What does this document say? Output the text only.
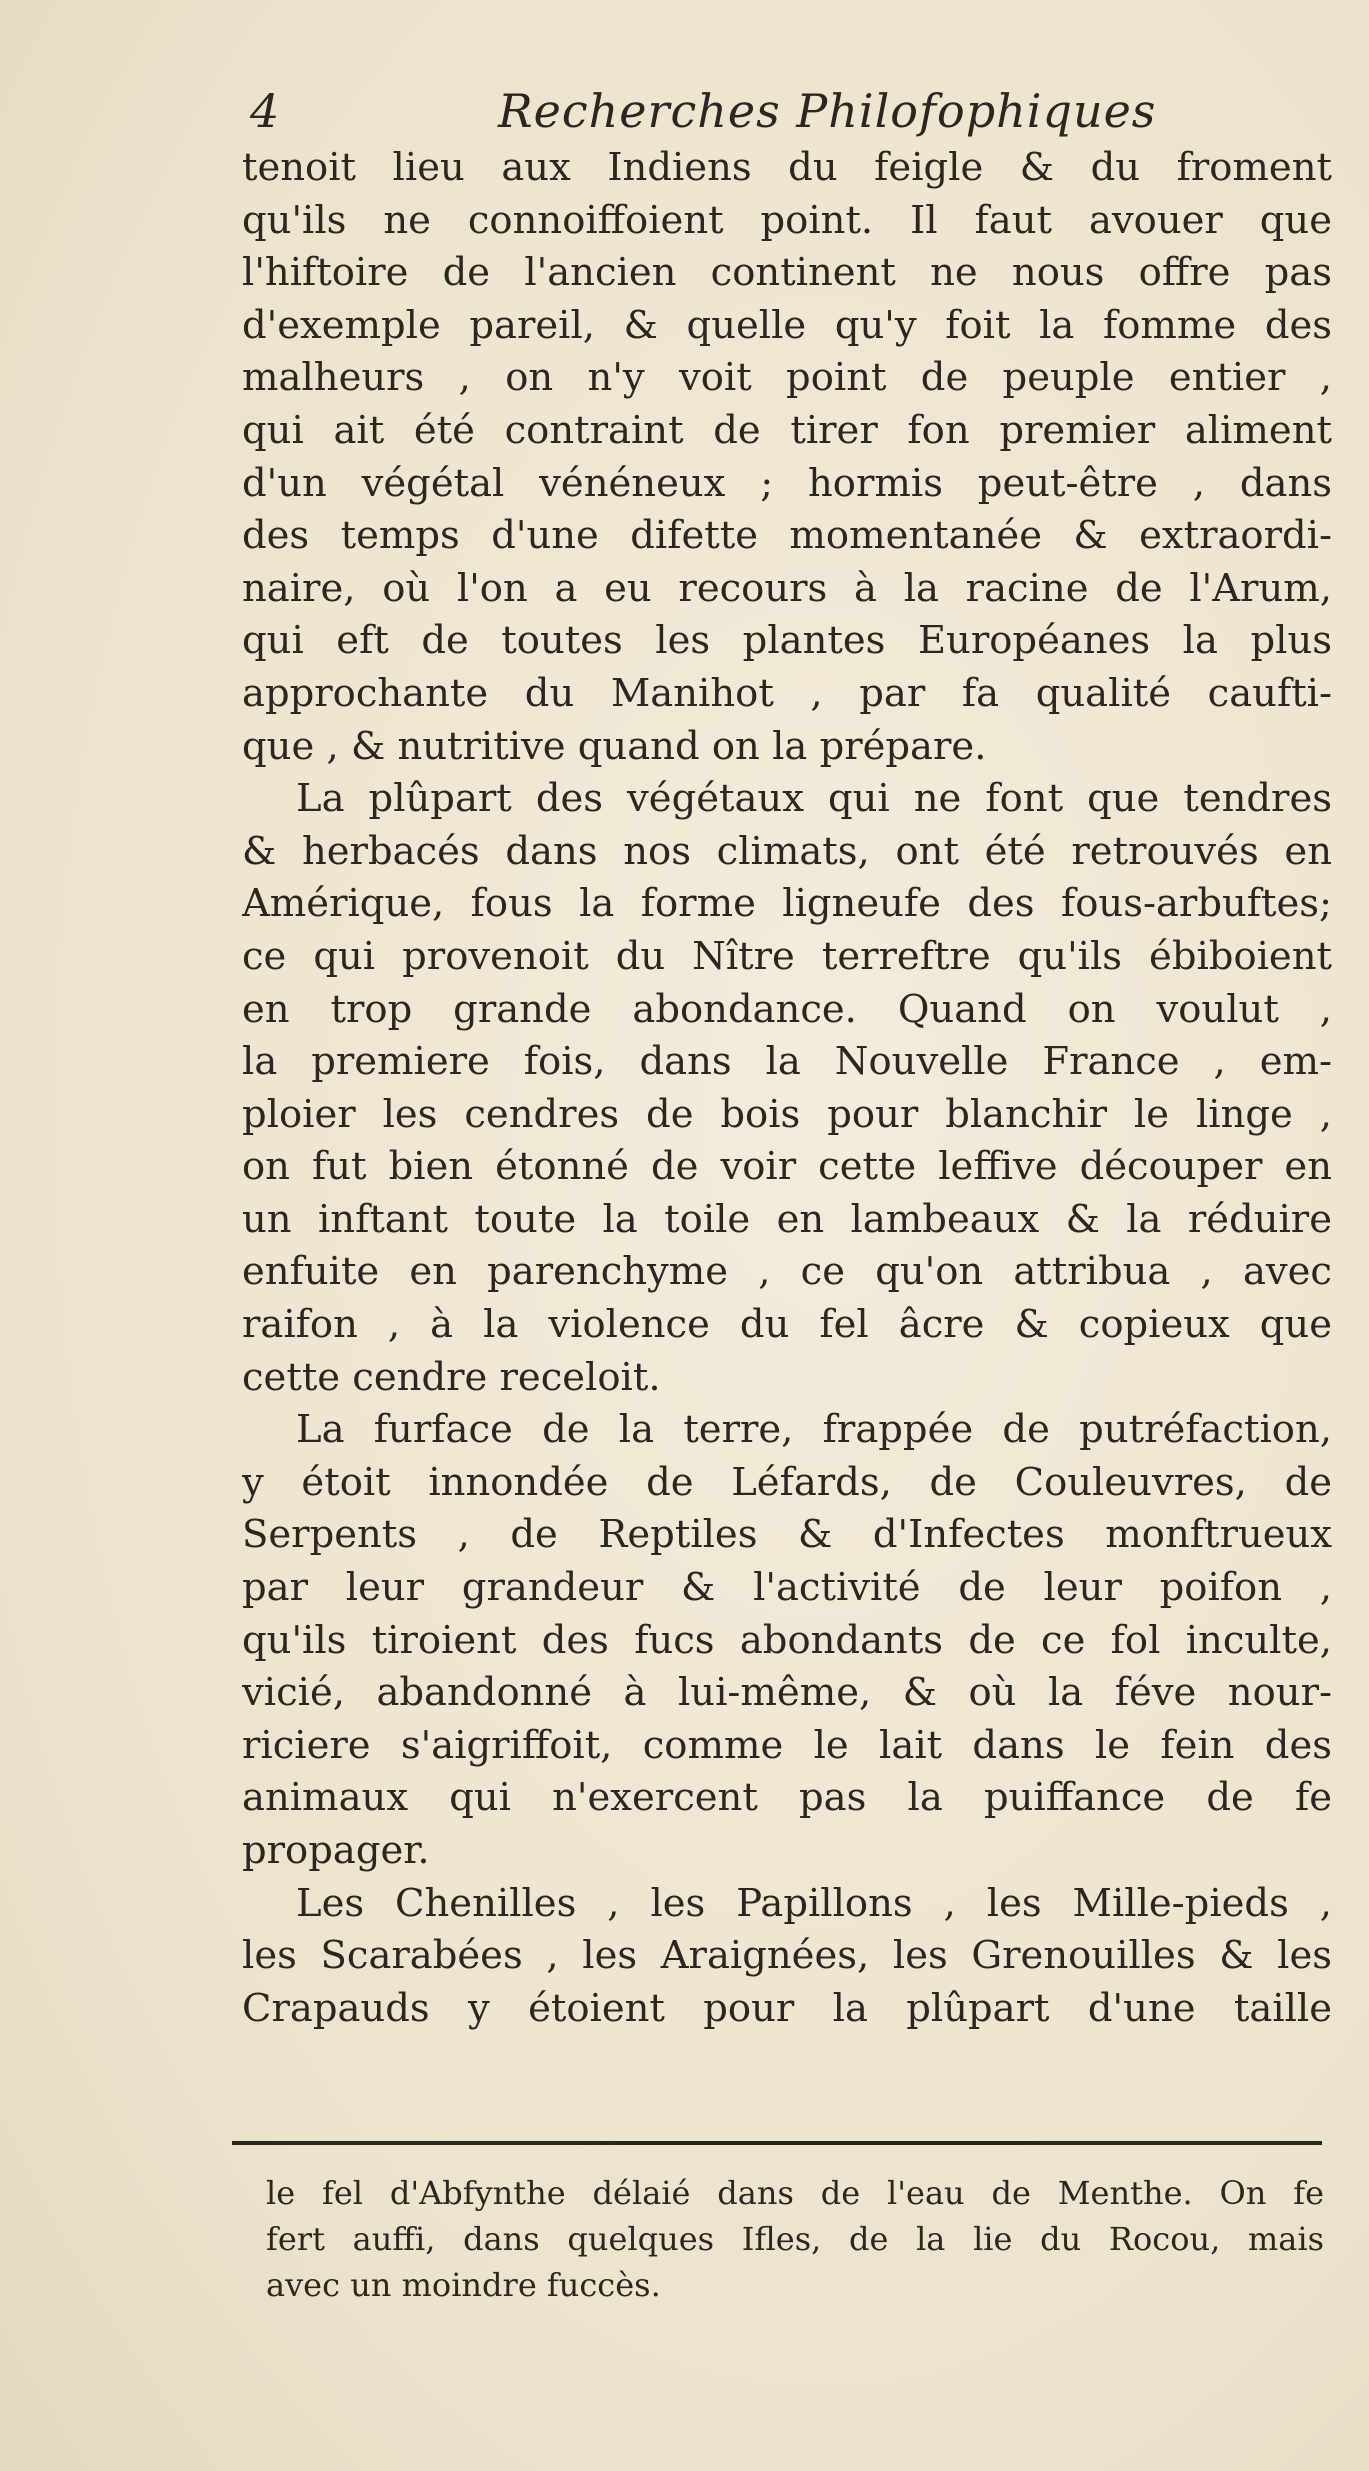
4	Recherches Philofophiques
tenoit lieu aux Indiens du feigle & du froment
qu'ils ne connoiffoient point. Il faut avouer que
l'hiftoire de l'ancien continent ne nous offre pas
d'exemple pareil, & quelle qu'y foit la fomme des
malheurs , on n'y voit point de peuple entier ,
qui ait été contraint de tirer fon premier aliment
d'un végétal vénéneux ; hormis peut-être , dans
des temps d'une difette momentanée & extraordi-
naire, où l'on a eu recours à la racine de l'Arum,
qui eft de toutes les plantes Européanes la plus
approchante du Manihot , par fa qualité caufti-
que , & nutritive quand on la prépare.
La plûpart des végétaux qui ne font que tendres
& herbacés dans nos climats, ont été retrouvés en
Amérique, fous la forme ligneufe des fous-arbuftes;
ce qui provenoit du Nître terreftre qu'ils ébiboient
en trop grande abondance. Quand on voulut ,
la premiere fois, dans la Nouvelle France , em-
ploier les cendres de bois pour blanchir le linge ,
on fut bien étonné de voir cette leffive découper en
un inftant toute la toile en lambeaux & la réduire
enfuite en parenchyme , ce qu'on attribua , avec
raifon , à la violence du fel âcre & copieux que
cette cendre receloit.
La furface de la terre, frappée de putréfaction,
y étoit innondée de Léfards, de Couleuvres, de
Serpents , de Reptiles & d'Infectes monftrueux
par leur grandeur & l'activité de leur poifon ,
qu'ils tiroient des fucs abondants de ce fol inculte,
vicié, abandonné à lui-même, & où la féve nour-
riciere s'aigriffoit, comme le lait dans le fein des
animaux qui n'exercent pas la puiffance de fe
propager.
Les Chenilles , les Papillons , les Mille-pieds ,
les Scarabées , les Araignées, les Grenouilles & les
Crapauds y étoient pour la plûpart d'une taille
le fel d'Abfynthe délaié dans de l'eau de Menthe. On fe
fert auffi, dans quelques Ifles, de la lie du Rocou, mais
avec un moindre fuccès.
